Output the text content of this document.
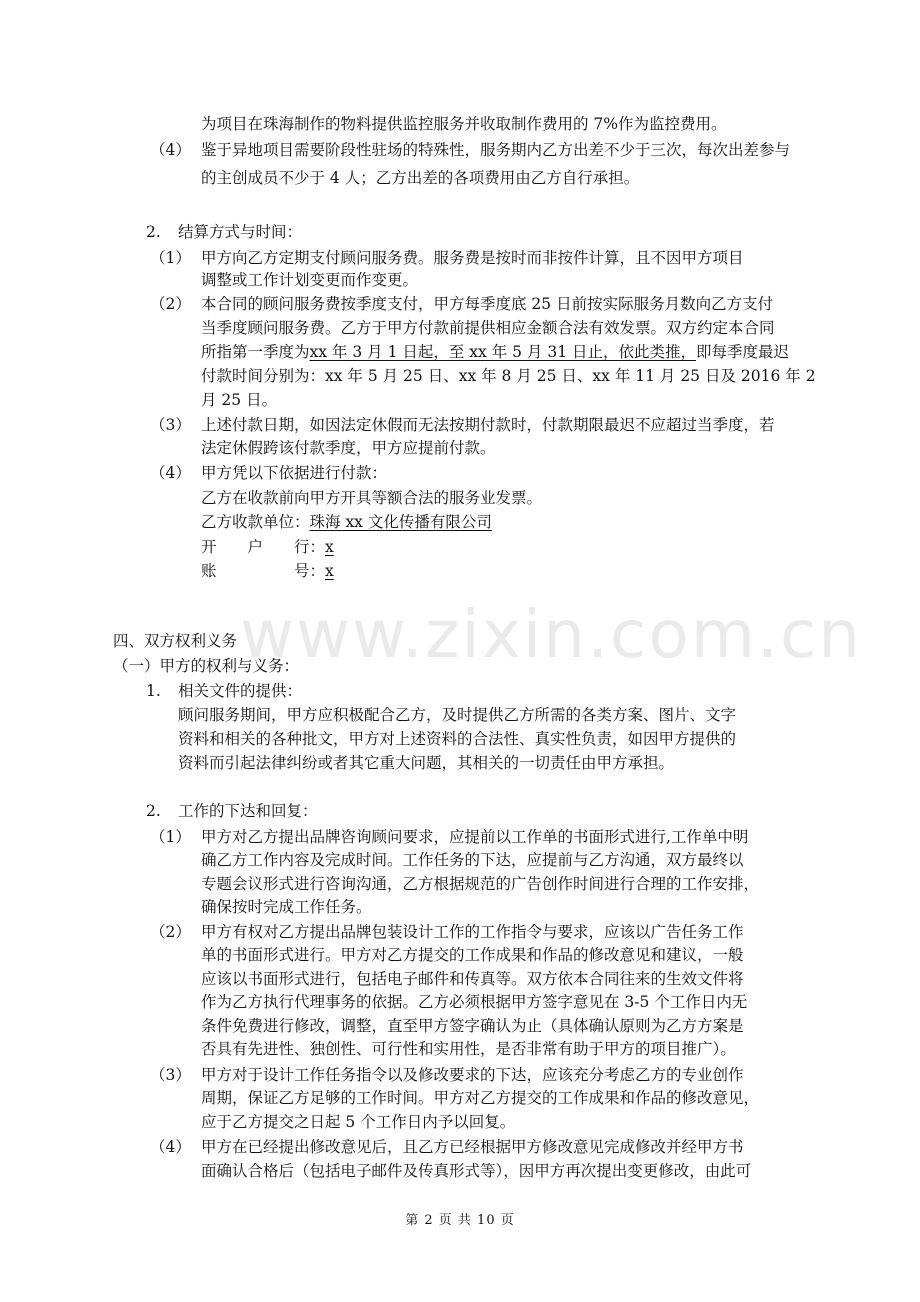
为项目在珠海制作的物料提供监控服务并收取制作费用的 7%作为监控费用。
（4） 鉴于异地项目需要阶段性驻场的特殊性，服务期内乙方出差不少于三次，每次出差参与
的主创成员不少于 4 人；乙方出差的各项费用由乙方自行承担。
2. 结算方式与时间：
（1） 甲方向乙方定期支付顾问服务费。服务费是按时而非按件计算，且不因甲方项目
调整或工作计划变更而作变更。
（2） 本合同的顾问服务费按季度支付，甲方每季度底 25 日前按实际服务月数向乙方支付
当季度顾问服务费。乙方于甲方付款前提供相应金额合法有效发票。双方约定本合同
所指第一季度为xx 年 3 月 1 日起，至 xx 年 5 月 31 日止，依此类推，即每季度最迟
付款时间分别为：xx 年 5 月 25 日、xx 年 8 月 25 日、xx 年 11 月 25 日及 2016 年 2
月 25 日。
（3） 上述付款日期，如因法定休假而无法按期付款时，付款期限最迟不应超过当季度，若
法定休假跨该付款季度，甲方应提前付款。
（4） 甲方凭以下依据进行付款：
乙方在收款前向甲方开具等额合法的服务业发票。
乙方收款单位：珠海 xx 文化传播有限公司
开　　户　　行：x
账　　　　　号：x
www.zixin.com.cn
四、双方权利义务
（一）甲方的权利与义务：
1. 相关文件的提供：
顾问服务期间，甲方应积极配合乙方，及时提供乙方所需的各类方案、图片、文字
资料和相关的各种批文，甲方对上述资料的合法性、真实性负责，如因甲方提供的
资料而引起法律纠纷或者其它重大问题，其相关的一切责任由甲方承担。
2. 工作的下达和回复：
（1） 甲方对乙方提出品牌咨询顾问要求，应提前以工作单的书面形式进行,工作单中明
确乙方工作内容及完成时间。工作任务的下达，应提前与乙方沟通，双方最终以
专题会议形式进行咨询沟通，乙方根据规范的广告创作时间进行合理的工作安排，
确保按时完成工作任务。
（2） 甲方有权对乙方提出品牌包装设计工作的工作指令与要求，应该以广告任务工作
单的书面形式进行。甲方对乙方提交的工作成果和作品的修改意见和建议，一般
应该以书面形式进行，包括电子邮件和传真等。双方依本合同往来的生效文件将
作为乙方执行代理事务的依据。乙方必须根据甲方签字意见在 3-5 个工作日内无
条件免费进行修改，调整，直至甲方签字确认为止（具体确认原则为乙方方案是
否具有先进性、独创性、可行性和实用性，是否非常有助于甲方的项目推广）。
（3） 甲方对于设计工作任务指令以及修改要求的下达，应该充分考虑乙方的专业创作
周期，保证乙方足够的工作时间。甲方对乙方提交的工作成果和作品的修改意见，
应于乙方提交之日起 5 个工作日内予以回复。
（4） 甲方在已经提出修改意见后，且乙方已经根据甲方修改意见完成修改并经甲方书
面确认合格后（包括电子邮件及传真形式等），因甲方再次提出变更修改，由此可
第 2 页 共 10 页
